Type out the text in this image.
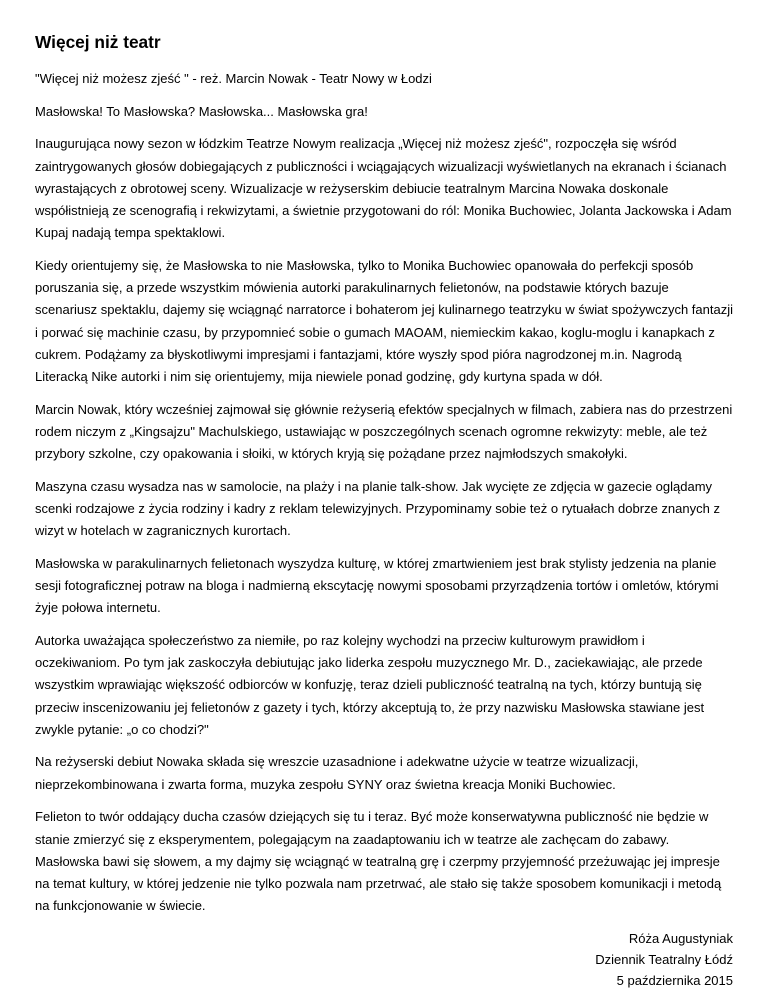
Więcej niż teatr

"Więcej niż możesz zjeść " - reż. Marcin Nowak - Teatr Nowy w Łodzi

Masłowska! To Masłowska? Masłowska... Masłowska gra!

Inaugurująca nowy sezon w łódzkim Teatrze Nowym realizacja „Więcej niż możesz zjeść", rozpoczęła się wśród zaintrygowanych głosów dobiegających z publiczności i wciągających wizualizacji wyświetlanych na ekranach i ścianach wyrastających z obrotowej sceny. Wizualizacje w reżyserskim debiucie teatralnym Marcina Nowaka doskonale współistnieją ze scenografią i rekwizytami, a świetnie przygotowani do ról: Monika Buchowiec, Jolanta Jackowska i Adam Kupaj nadają tempa spektaklowi.

Kiedy orientujemy się, że Masłowska to nie Masłowska, tylko to Monika Buchowiec opanowała do perfekcji sposób poruszania się, a przede wszystkim mówienia autorki parakulinarnych felietonów, na podstawie których bazuje scenariusz spektaklu, dajemy się wciągnąć narratorce i bohaterom jej kulinarnego teatrzyku w świat spożywczych fantazji i porwać się machinie czasu, by przypomnieć sobie o gumach MAOAM, niemieckim kakao, koglu-moglu i kanapkach z cukrem. Podążamy za błyskotliwymi impresjami i fantazjami, które wyszły spod pióra nagrodzonej m.in. Nagrodą Literacką Nike autorki i nim się orientujemy, mija niewiele ponad godzinę, gdy kurtyna spada w dół.

Marcin Nowak, który wcześniej zajmował się głównie reżyserią efektów specjalnych w filmach, zabiera nas do przestrzeni rodem niczym z „Kingsajzu" Machulskiego, ustawiając w poszczególnych scenach ogromne rekwizyty: meble, ale też przybory szkolne, czy opakowania i słoiki, w których kryją się pożądane przez najmłodszych smakołyki.

Maszyna czasu wysadza nas w samolocie, na plaży i na planie talk-show. Jak wycięte ze zdjęcia w gazecie oglądamy scenki rodzajowe z życia rodziny i kadry z reklam telewizyjnych. Przypominamy sobie też o rytuałach dobrze znanych z wizyt w hotelach w zagranicznych kurortach.

Masłowska w parakulinarnych felietonach wyszydza kulturę, w której zmartwieniem jest brak stylisty jedzenia na planie sesji fotograficznej potraw na bloga i nadmierną ekscytację nowymi sposobami przyrządzenia tortów i omletów, którymi żyje połowa internetu.

Autorka uważająca społeczeństwo za niemiłe, po raz kolejny wychodzi na przeciw kulturowym prawidłom i oczekiwaniom. Po tym jak zaskoczyła debiutując jako liderka zespołu muzycznego Mr. D., zaciekawiając, ale przede wszystkim wprawiając większość odbiorców w konfuzję, teraz dzieli publiczność teatralną na tych, którzy buntują się przeciw inscenizowaniu jej felietonów z gazety i tych, którzy akceptują to, że przy nazwisku Masłowska stawiane jest zwykle pytanie: „o co chodzi?"

Na reżyserski debiut Nowaka składa się wreszcie uzasadnione i adekwatne użycie w teatrze wizualizacji, nieprzekombinowana i zwarta forma, muzyka zespołu SYNY oraz świetna kreacja Moniki Buchowiec.

Felieton to twór oddający ducha czasów dziejących się tu i teraz. Być może konserwatywna publiczność nie będzie w stanie zmierzyć się z eksperymentem, polegającym na zaadaptowaniu ich w teatrze ale zachęcam do zabawy. Masłowska bawi się słowem, a my dajmy się wciągnąć w teatralną grę i czerpmy przyjemność przeżuwając jej impresje na temat kultury, w której jedzenie nie tylko pozwala nam przetrwać, ale stało się także sposobem komunikacji i metodą na funkcjonowanie w świecie.

Róża Augustyniak
Dziennik Teatralny Łódź
5 października 2015
